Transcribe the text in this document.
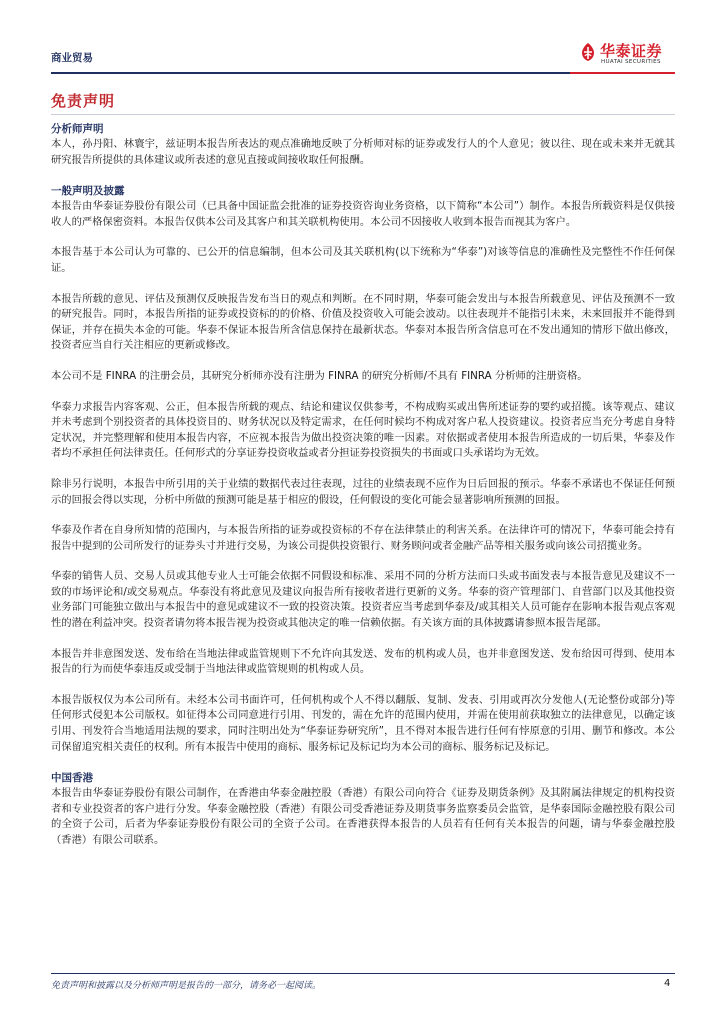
商业贸易	华泰证券
HUATAI SECURITIES
免责声明
分析师声明

本人，孙丹阳、林寰宇，兹证明本报告所表达的观点准确地反映了分析师对标的证券或发行人的个人意见；彼以往、现在或未来并无就其研究报告所提供的具体建议或所表述的意见直接或间接收取任何报酬。

一般声明及披露

本报告由华泰证券股份有限公司（已具备中国证监会批准的证券投资咨询业务资格，以下简称“本公司”）制作。本报告所载资料是仅供接收人的严格保密资料。本报告仅供本公司及其客户和其关联机构使用。本公司不因接收人收到本报告而视其为客户。

本报告基于本公司认为可靠的、已公开的信息编制，但本公司及其关联机构(以下统称为“华泰”)对该等信息的准确性及完整性不作任何保证。

本报告所载的意见、评估及预测仅反映报告发布当日的观点和判断。在不同时期，华泰可能会发出与本报告所载意见、评估及预测不一致的研究报告。同时，本报告所指的证券或投资标的的价格、价值及投资收入可能会波动。以往表现并不能指引未来，未来回报并不能得到保证，并存在损失本金的可能。华泰不保证本报告所含信息保持在最新状态。华泰对本报告所含信息可在不发出通知的情形下做出修改，投资者应当自行关注相应的更新或修改。

本公司不是 FINRA 的注册会员，其研究分析师亦没有注册为 FINRA 的研究分析师/不具有 FINRA 分析师的注册资格。

华泰力求报告内容客观、公正，但本报告所载的观点、结论和建议仅供参考，不构成购买或出售所述证券的要约或招揽。该等观点、建议并未考虑到个别投资者的具体投资目的、财务状况以及特定需求，在任何时候均不构成对客户私人投资建议。投资者应当充分考虑自身特定状况，并完整理解和使用本报告内容，不应视本报告为做出投资决策的唯一因素。对依据或者使用本报告所造成的一切后果，华泰及作者均不承担任何法律责任。任何形式的分享证券投资收益或者分担证券投资损失的书面或口头承诺均为无效。

除非另行说明，本报告中所引用的关于业绩的数据代表过往表现，过往的业绩表现不应作为日后回报的预示。华泰不承诺也不保证任何预示的回报会得以实现，分析中所做的预测可能是基于相应的假设，任何假设的变化可能会显著影响所预测的回报。

华泰及作者在自身所知情的范围内，与本报告所指的证券或投资标的不存在法律禁止的利害关系。在法律许可的情况下，华泰可能会持有报告中提到的公司所发行的证券头寸并进行交易，为该公司提供投资银行、财务顾问或者金融产品等相关服务或向该公司招揽业务。

华泰的销售人员、交易人员或其他专业人士可能会依据不同假设和标准、采用不同的分析方法而口头或书面发表与本报告意见及建议不一致的市场评论和/或交易观点。华泰没有将此意见及建议向报告所有接收者进行更新的义务。华泰的资产管理部门、自营部门以及其他投资业务部门可能独立做出与本报告中的意见或建议不一致的投资决策。投资者应当考虑到华泰及/或其相关人员可能存在影响本报告观点客观性的潜在利益冲突。投资者请勿将本报告视为投资或其他决定的唯一信赖依据。有关该方面的具体披露请参照本报告尾部。

本报告并非意图发送、发布给在当地法律或监管规则下不允许向其发送、发布的机构或人员，也并非意图发送、发布给因可得到、使用本报告的行为而使华泰违反或受制于当地法律或监管规则的机构或人员。

本报告版权仅为本公司所有。未经本公司书面许可，任何机构或个人不得以翻版、复制、发表、引用或再次分发他人(无论整份或部分)等任何形式侵犯本公司版权。如征得本公司同意进行引用、刊发的，需在允许的范围内使用，并需在使用前获取独立的法律意见，以确定该引用、刊发符合当地适用法规的要求，同时注明出处为“华泰证券研究所”，且不得对本报告进行任何有悖原意的引用、删节和修改。本公司保留追究相关责任的权利。所有本报告中使用的商标、服务标记及标记均为本公司的商标、服务标记及标记。

中国香港

本报告由华泰证券股份有限公司制作，在香港由华泰金融控股（香港）有限公司向符合《证券及期货条例》及其附属法律规定的机构投资者和专业投资者的客户进行分发。华泰金融控股（香港）有限公司受香港证券及期货事务监察委员会监管，是华泰国际金融控股有限公司的全资子公司，后者为华泰证券股份有限公司的全资子公司。在香港获得本报告的人员若有任何有关本报告的问题，请与华泰金融控股（香港）有限公司联系。

免责声明和披露以及分析师声明是报告的一部分，请务必一起阅读。	4
